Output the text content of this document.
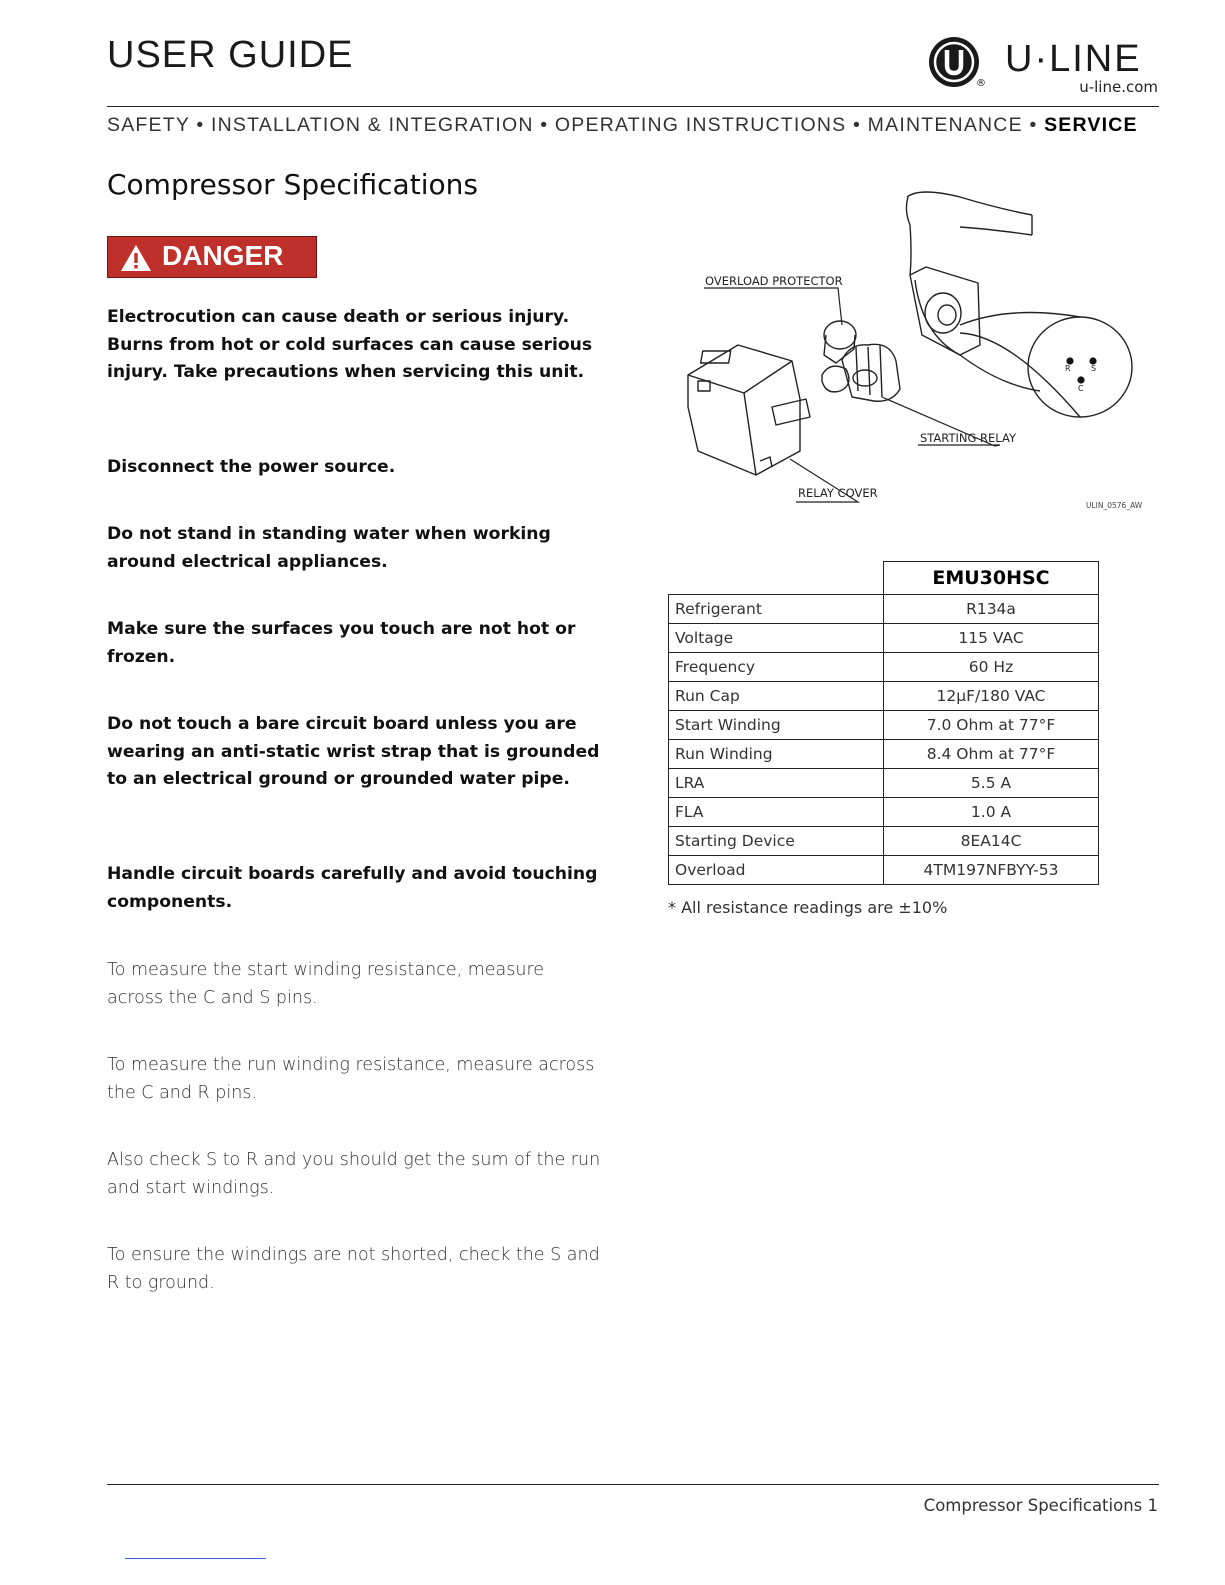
USER GUIDE
®
U·LINE
u-line.com
SAFETY • INSTALLATION & INTEGRATION • OPERATING INSTRUCTIONS • MAINTENANCE • SERVICE
Compressor Specifications
DANGER
Electrocution can cause death or serious injury. Burns from hot or cold surfaces can cause serious injury. Take precautions when servicing this unit.
Disconnect the power source.
Do not stand in standing water when working around electrical appliances.
Make sure the surfaces you touch are not hot or frozen.
Do not touch a bare circuit board unless you are wearing an anti-static wrist strap that is grounded to an electrical ground or grounded water pipe.
Handle circuit boards carefully and avoid touching components.
To measure the start winding resistance, measure across the C and S pins.
To measure the run winding resistance, measure across the C and R pins.
Also check S to R and you should get the sum of the run and start windings.
To ensure the windings are not shorted, check the S and R to ground.
OVERLOAD PROTECTOR
STARTING RELAY
RELAY COVER
R	S
C
ULIN_0576_AW
	EMU30HSC
Refrigerant	R134a
Voltage	115 VAC
Frequency	60 Hz
Run Cap	12μF/180 VAC
Start Winding	7.0 Ohm at 77°F
Run Winding	8.4 Ohm at 77°F
LRA	5.5 A
FLA	1.0 A
Starting Device	8EA14C
Overload	4TM197NFBYY-53
* All resistance readings are ±10%
Compressor Specifications 1
